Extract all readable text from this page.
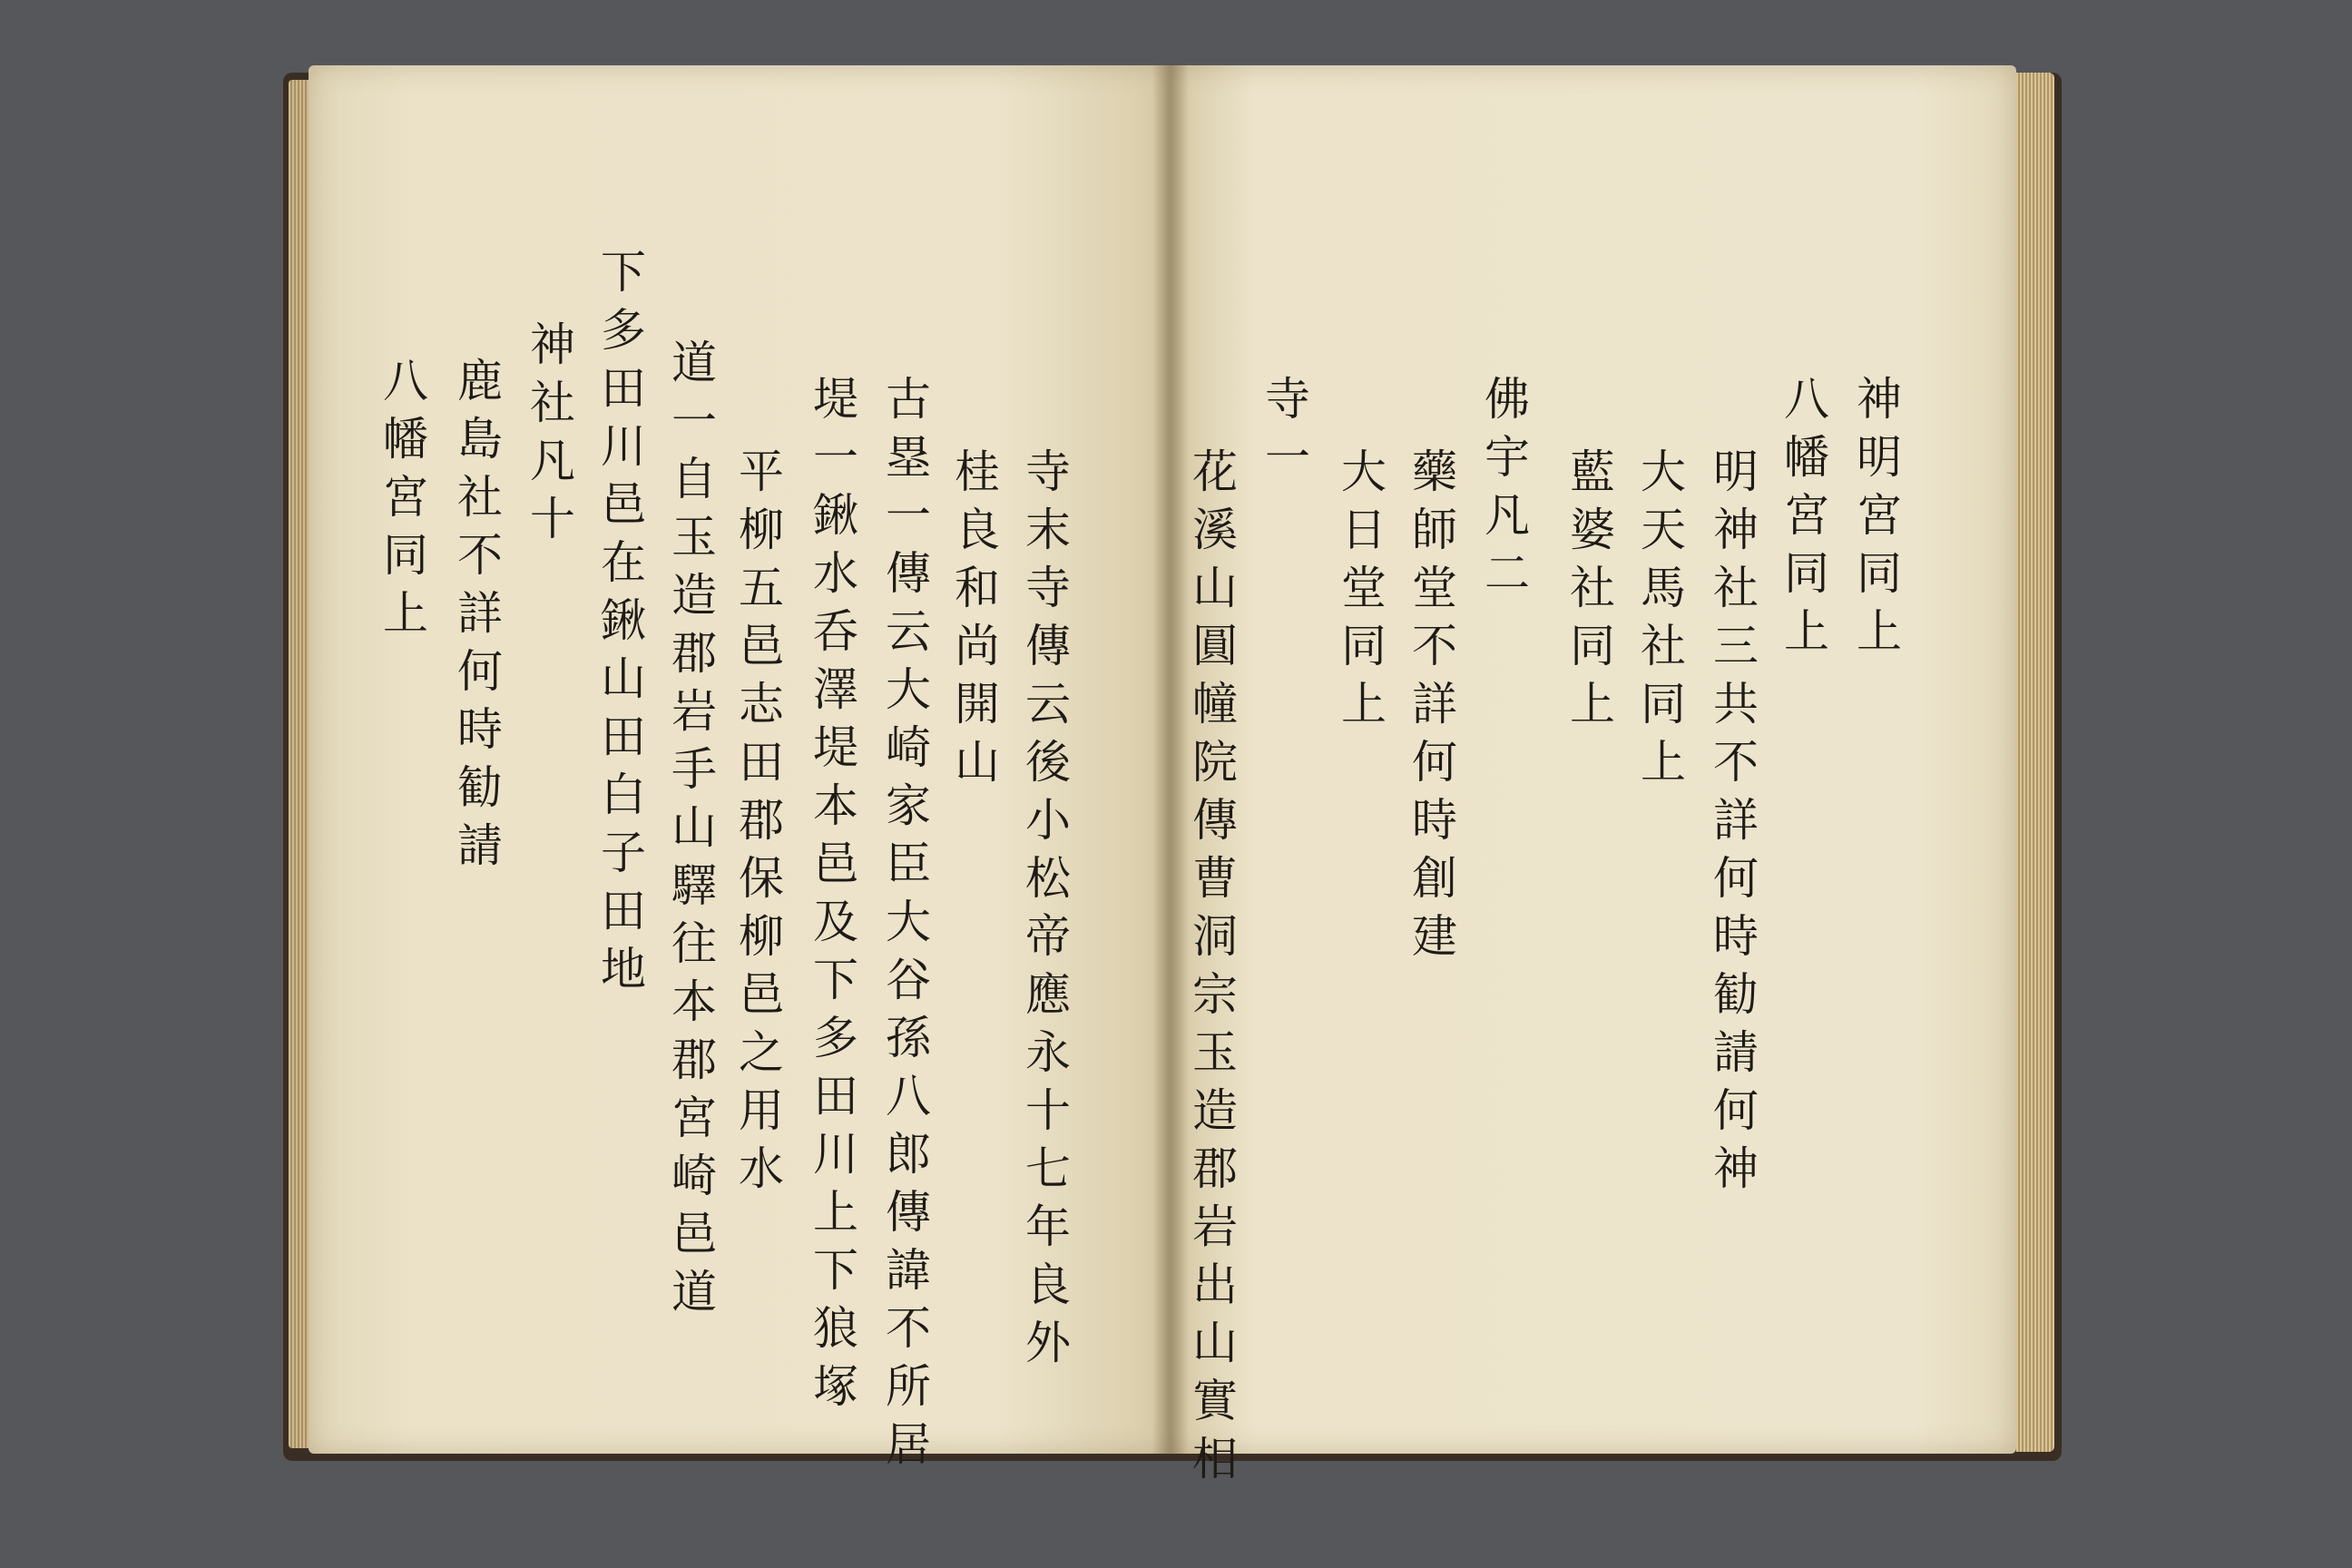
寺
末
寺
傳
云
後
小
松
帝
應
永
十
七
年
良
外
桂
良
和
尚
開
山
古
塁
一
傳
云
大
崎
家
臣
大
谷
孫
八
郎
傳
諱
不
所
居
堤
一
鍬
水
呑
澤
堤
本
邑
及
下
多
田
川
上
下
狼
塚
平
柳
五
邑
志
田
郡
保
柳
邑
之
用
水
道
一
自
玉
造
郡
岩
手
山
驛
往
本
郡
宮
崎
邑
道
下
多
田
川
邑
在
鍬
山
田
白
子
田
地
神
社
凡
十
鹿
島
社
不
詳
何
時
勧
請
八
幡
宮
同
上
神
明
宮
同
上
八
幡
宮
同
上
明
神
社
三
共
不
詳
何
時
勧
請
何
神
大
天
馬
社
同
上
藍
婆
社
同
上
佛
宇
凡
二
藥
師
堂
不
詳
何
時
創
建
大
日
堂
同
上
寺
一
花
溪
山
圓
幢
院
傳
曹
洞
宗
玉
造
郡
岩
出
山
實
相
